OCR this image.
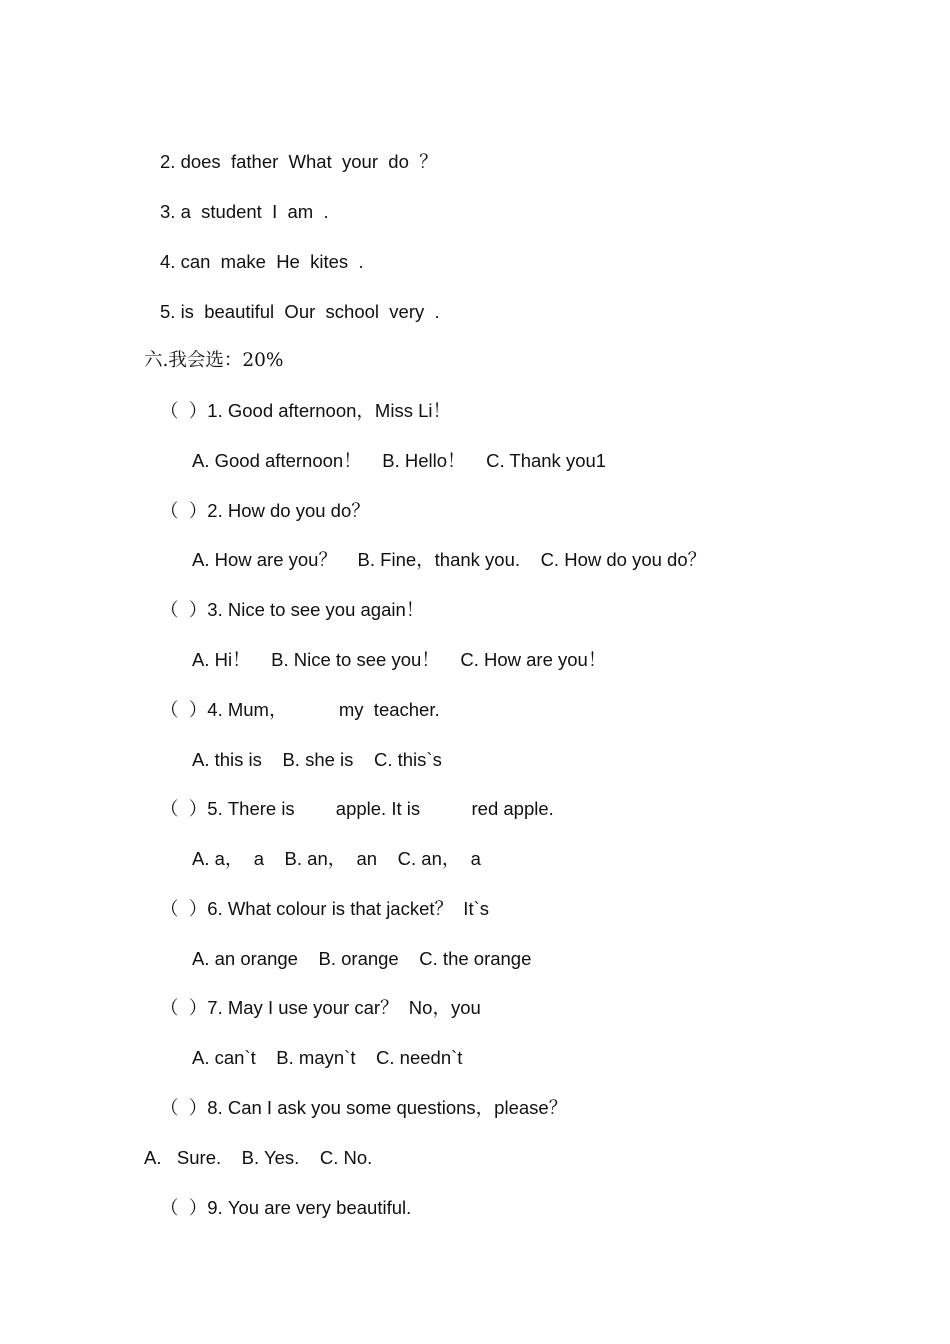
2. does  father  What  your  do  ？
3. a  student  I  am  .
4. can  make  He  kites  .
5. is  beautiful  Our  school  very  .
六.我会选：20%
（  ）1. Good afternoon，Miss Li！
A. Good afternoon！    B. Hello！    C. Thank you1
（  ）2. How do you do？
A. How are you？    B. Fine，thank you.    C. How do you do？
（  ）3. Nice to see you again！
A. Hi！    B. Nice to see you！    C. How are you！
（  ）4. Mum，          my  teacher.
A. this is    B. she is    C. this`s
（  ）5. There is        apple. It is          red apple.
A. a，  a    B. an，  an    C. an，  a
（  ）6. What colour is that jacket？  It`s
A. an orange    B. orange    C. the orange
（  ）7. May I use your car？  No，you
A. can`t    B. mayn`t    C. needn`t
（  ）8. Can I ask you some questions，please？
A.   Sure.    B. Yes.    C. No.
（  ）9. You are very beautiful.
